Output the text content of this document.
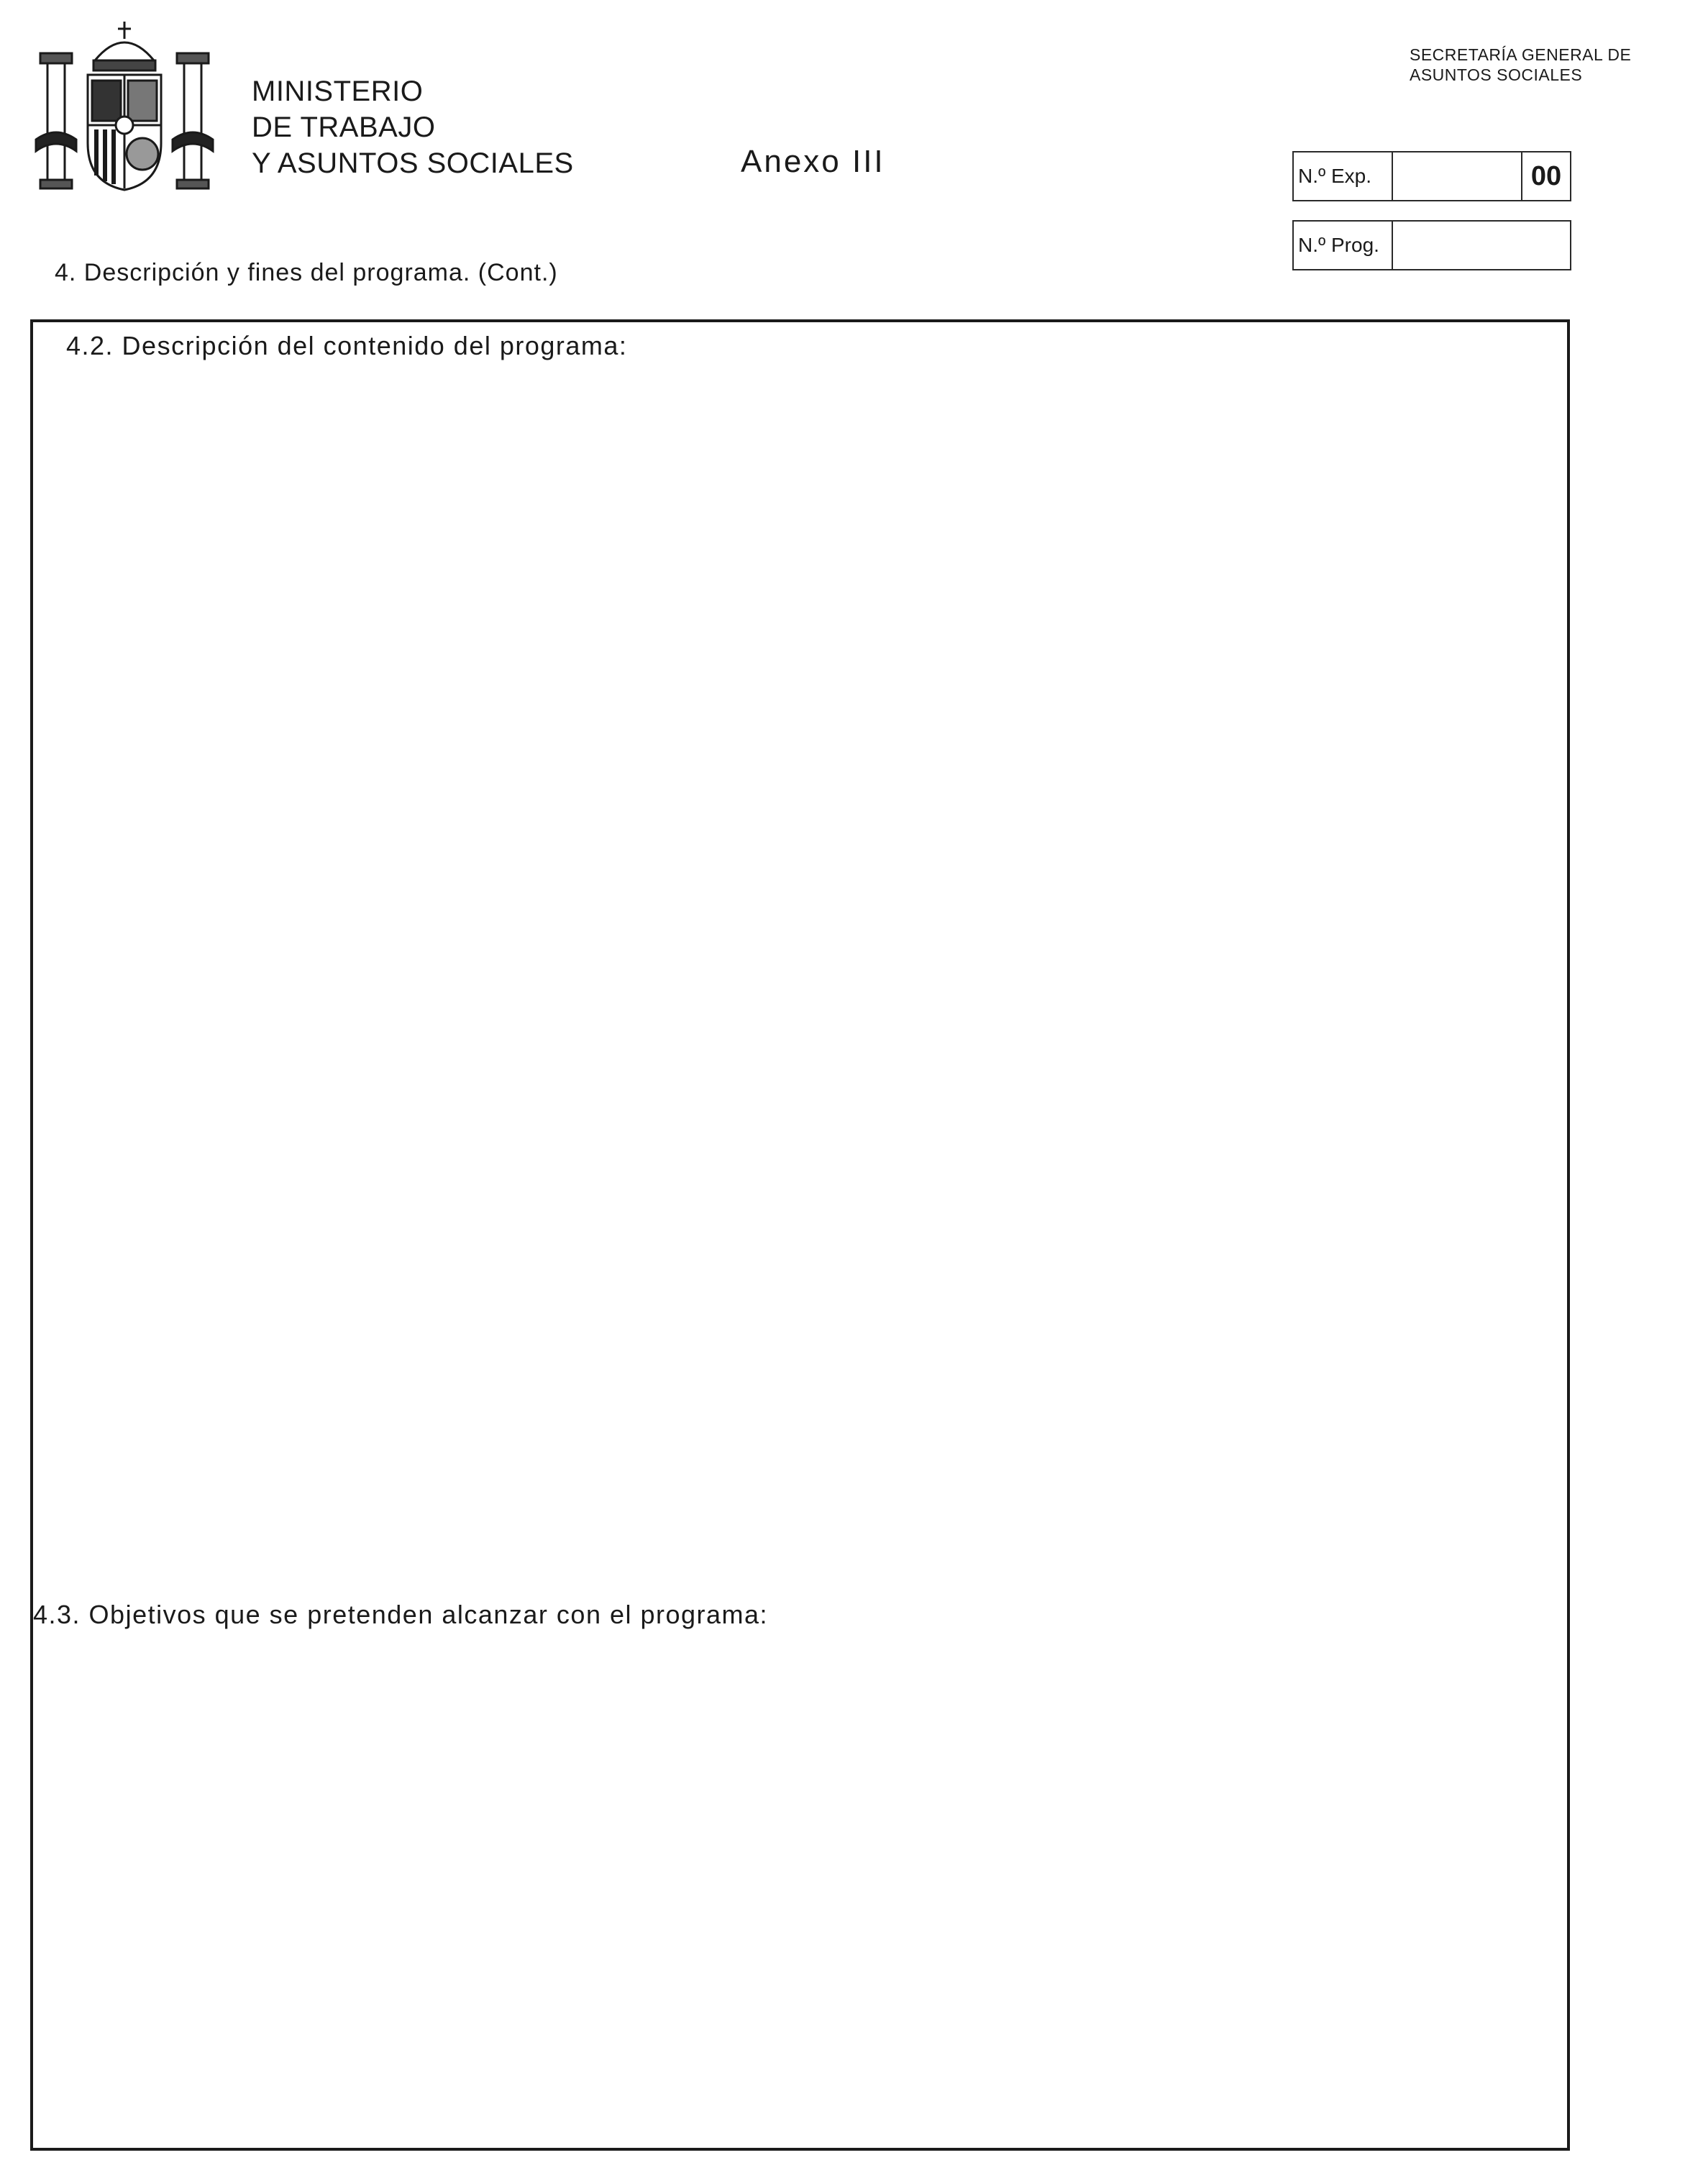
MINISTERIO
DE TRABAJO
Y ASUNTOS SOCIALES
SECRETARÍA GENERAL DE
ASUNTOS SOCIALES
Anexo III	N.º Exp.	00
N.º Prog.
4. Descripción y fines del programa. (Cont.)
4.2. Descripción del contenido del programa:
4.3. Objetivos que se pretenden alcanzar con el programa:
